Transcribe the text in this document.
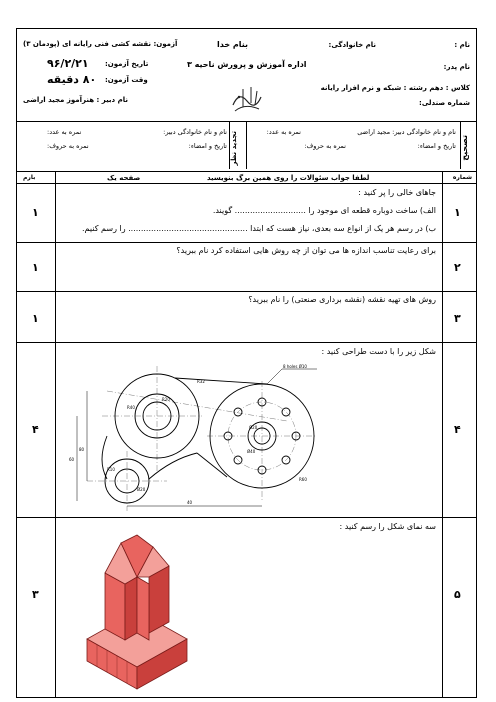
نام :
نام خانوادگی:
نام پدر:
کلاس : دهم رشته : شبکه و نرم افزار رایانه
شماره صندلی:
بنام خدا
اداره آموزش و پرورش ناحیه ۳
آزمون: نقشه کشی فنی رایانه ای (پودمان ۳)
تاریخ آزمون:
۹۶/۲/۲۱
وقت آزمون:
۸۰ دقیقه
نام دبیر : هنرآموز مجید اراضی
تصحیح
نام و نام خانوادگی دبیر: مجید اراضی
نمره به عدد:
تاریخ و امضاء:
نمره به حروف:
تجدید نظر
نام و نام خانوادگی دبیر:
نمره به عدد:
تاریخ و امضاء:
نمره به حروف:
شماره
لطفا جواب سئوالات را روی همین برگ بنویسید
صفحه یک
بارم
۱
۱
جاهای خالی را پر کنید :
الف) ساخت دوباره قطعه ای موجود را ............................ گویند.
ب) در رسم هر یک از انواع سه بعدی، نیاز هست که ابتدا ............................................... را رسم کنیم.
۲
۱
برای رعایت تناسب اندازه ها می توان از چه روش هایی استفاده کرد نام ببرید؟
۳
۱
روش های تهیه نقشه (نقشه برداری صنعتی) را نام ببرید؟
۴
۴
شکل زیر را با دست طراحی کنید :
8 holes Ø10
R40
R20
R32
R10
Ø40
Ø20
Ø20
80
60
40
R60
۵
۳
سه نمای شکل را رسم کنید :
